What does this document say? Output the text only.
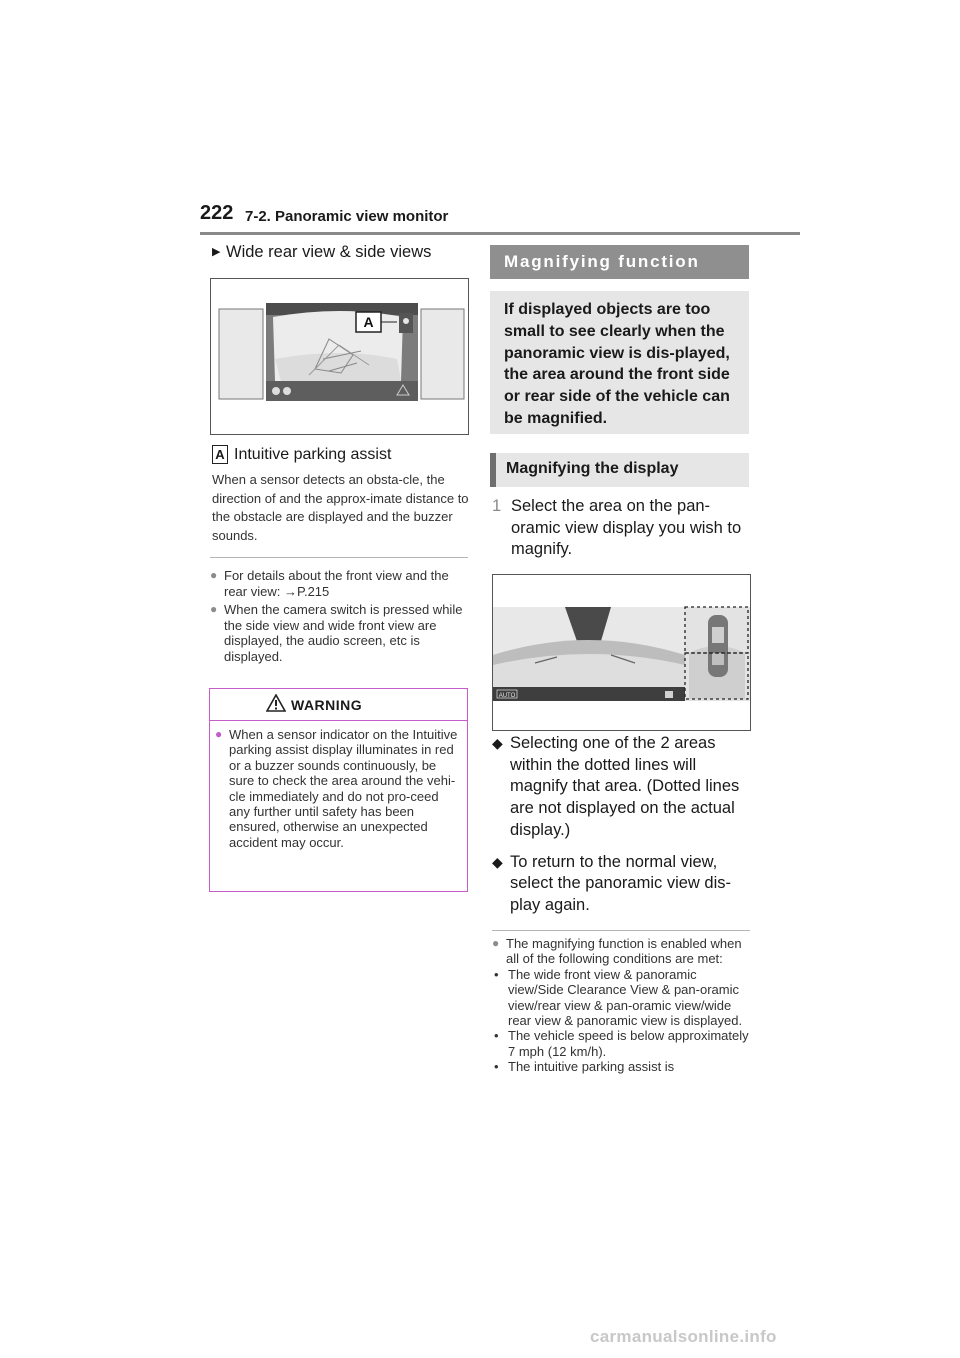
222 7-2. Panoramic view monitor
▶ Wide rear view & side views
A
A Intuitive parking assist
When a sensor detects an obsta-cle, the direction of and the approx-imate distance to the obstacle are displayed and the buzzer sounds.
● For details about the front view and the rear view: →P.215
● When the camera switch is pressed while the side view and wide front view are displayed, the audio screen, etc is displayed.
WARNING
● When a sensor indicator on the Intuitive parking assist display illuminates in red or a buzzer sounds continuously, be sure to check the area around the vehi-cle immediately and do not pro-ceed any further until safety has been ensured, otherwise an unexpected accident may occur.
Magnifying function
If displayed objects are too small to see clearly when the panoramic view is dis-played, the area around the front side or rear side of the vehicle can be magnified.
Magnifying the display
1 Select the area on the pan-oramic view display you wish to magnify.
AUTO
◆ Selecting one of the 2 areas within the dotted lines will magnify that area. (Dotted lines are not displayed on the actual display.)
◆ To return to the normal view, select the panoramic view dis-play again.
● The magnifying function is enabled when all of the following conditions are met:
• The wide front view & panoramic view/Side Clearance View & pan-oramic view/rear view & pan-oramic view/wide rear view & panoramic view is displayed.
• The vehicle speed is below approximately 7 mph (12 km/h).
• The intuitive parking assist is
carmanualsonline.info
